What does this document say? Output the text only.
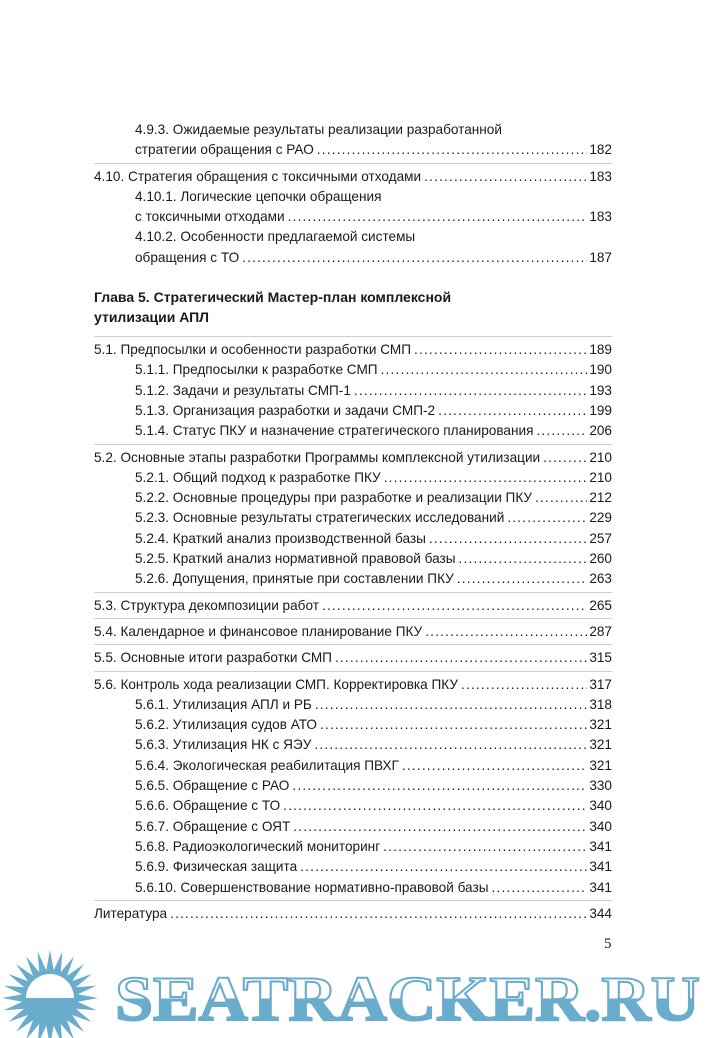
4.9.3. Ожидаемые результаты реализации разработанной
стратегии обращения с РАО .....	182
4.10. Стратегия обращения с токсичными отходами .....	183
4.10.1. Логические цепочки обращения
с токсичными отходами .....	183
4.10.2. Особенности предлагаемой системы
обращения с ТО .....	187
Глава 5. Стратегический Мастер-план комплексной
утилизации АПЛ
5.1. Предпосылки и особенности разработки СМП .....	189
5.1.1. Предпосылки к разработке СМП .....	190
5.1.2. Задачи и результаты СМП-1 .....	193
5.1.3. Организация разработки и задачи СМП-2 .....	199
5.1.4. Статус ПКУ и назначение стратегического планирования .....	206
5.2. Основные этапы разработки Программы комплексной утилизации .....	210
5.2.1. Общий подход к разработке ПКУ .....	210
5.2.2. Основные процедуры при разработке и реализации ПКУ .....	212
5.2.3. Основные результаты стратегических исследований .....	229
5.2.4. Краткий анализ производственной базы .....	257
5.2.5. Краткий анализ нормативной правовой базы .....	260
5.2.6. Допущения, принятые при составлении ПКУ .....	263
5.3. Структура декомпозиции работ .....	265
5.4. Календарное и финансовое планирование ПКУ .....	287
5.5. Основные итоги разработки СМП .....	315
5.6. Контроль хода реализации СМП. Корректировка ПКУ .....	317
5.6.1. Утилизация АПЛ и РБ .....	318
5.6.2. Утилизация судов АТО .....	321
5.6.3. Утилизация НК с ЯЭУ .....	321
5.6.4. Экологическая реабилитация ПВХГ .....	321
5.6.5. Обращение с РАО .....	330
5.6.6. Обращение с ТО .....	340
5.6.7. Обращение с ОЯТ .....	340
5.6.8. Радиоэкологический мониторинг .....	341
5.6.9. Физическая защита .....	341
5.6.10. Совершенствование нормативно-правовой базы .....	341
Литература .....	344
SEATRACKER.RU
5
